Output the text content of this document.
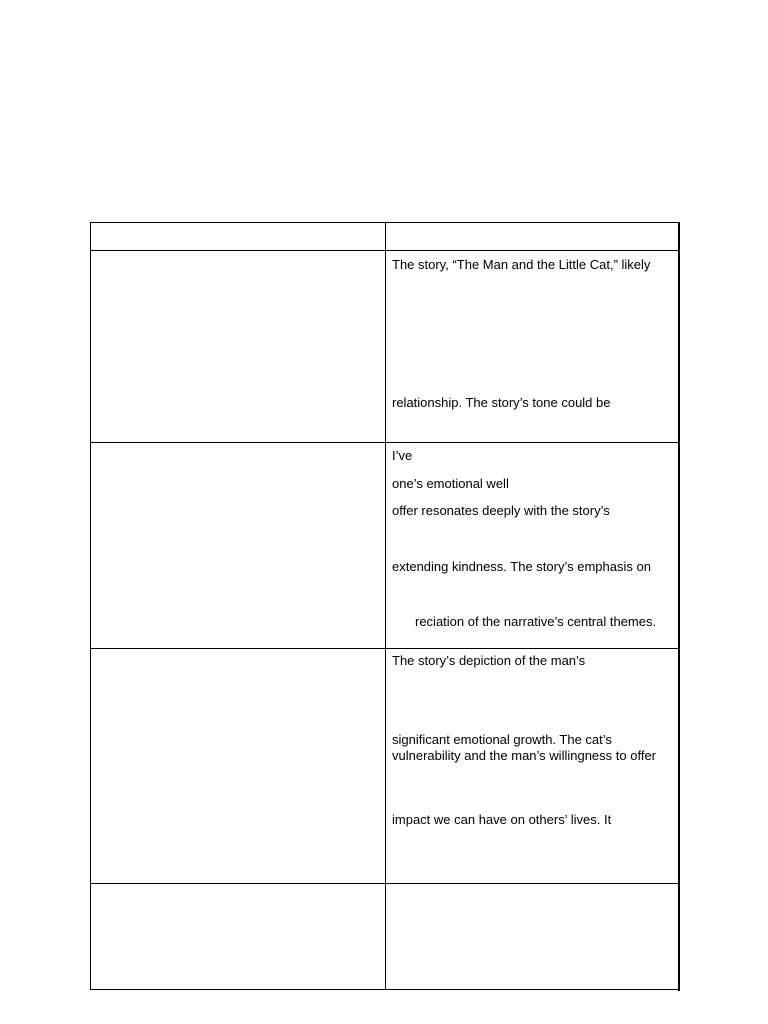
The story, “The Man and the Little Cat,” likely
relationship. The story’s tone could be
I’ve
one’s emotional well
offer resonates deeply with the story’s
extending kindness. The story’s emphasis on
reciation of the narrative’s central themes.
The story’s depiction of the man’s
significant emotional growth. The cat’s
vulnerability and the man’s willingness to offer
impact we can have on others’ lives. It
